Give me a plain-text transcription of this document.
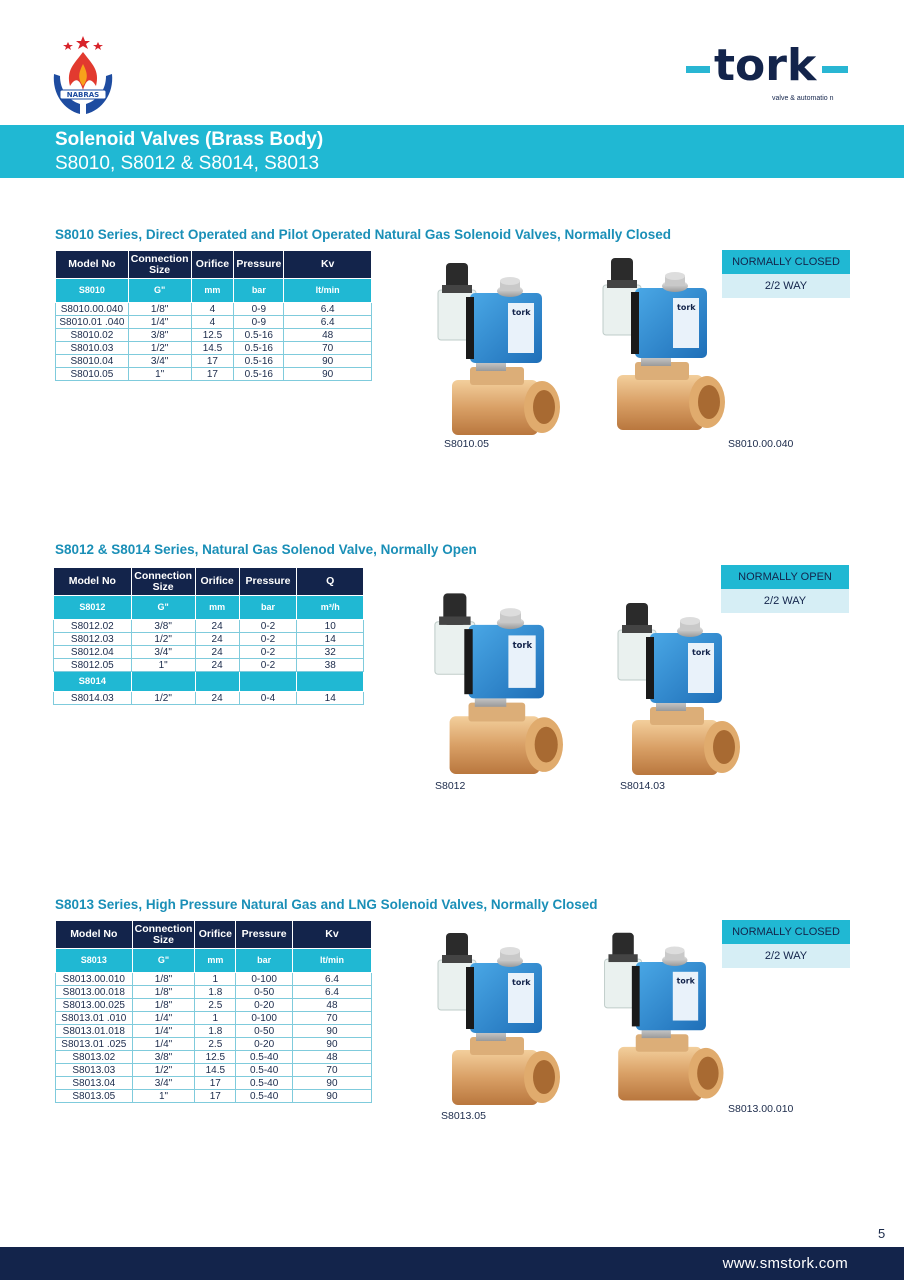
NABRAS
tork
valve & automatio n
Solenoid Valves (Brass Body)
S8010, S8012 & S8014, S8013
S8010 Series, Direct Operated and Pilot Operated Natural Gas Solenoid Valves, Normally Closed
Model No	Connection Size	Orifice	Pressure	Kv
S8010	G"	mm	bar	lt/min
S8010.00.040	1/8"	4	0-9	6.4
S8010.01 .040	1/4"	4	0-9	6.4
S8010.02	3/8"	12.5	0.5-16	48
S8010.03	1/2"	14.5	0.5-16	70
S8010.04	3/4"	17	0.5-16	90
S8010.05	1"	17	0.5-16	90
NORMALLY CLOSED
2/2 WAY
S8010.05	S8010.00.040
S8012 & S8014 Series, Natural Gas Solenod Valve, Normally Open
Model No	Connection Size	Orifice	Pressure	Q
S8012	G"	mm	bar	m³/h
S8012.02	3/8"	24	0-2	10
S8012.03	1/2"	24	0-2	14
S8012.04	3/4"	24	0-2	32
S8012.05	1"	24	0-2	38
S8014				
S8014.03	1/2"	24	0-4	14
NORMALLY OPEN
2/2 WAY
S8012	S8014.03
S8013 Series, High Pressure Natural Gas and LNG Solenoid Valves, Normally Closed
Model No	Connection Size	Orifice	Pressure	Kv
S8013	G"	mm	bar	lt/min
S8013.00.010	1/8"	1	0-100	6.4
S8013.00.018	1/8"	1.8	0-50	6.4
S8013.00.025	1/8"	2.5	0-20	48
S8013.01 .010	1/4"	1	0-100	70
S8013.01.018	1/4"	1.8	0-50	90
S8013.01 .025	1/4"	2.5	0-20	90
S8013.02	3/8"	12.5	0.5-40	48
S8013.03	1/2"	14.5	0.5-40	70
S8013.04	3/4"	17	0.5-40	90
S8013.05	1"	17	0.5-40	90
NORMALLY CLOSED
2/2 WAY
S8013.05
S8013.00.010
5
www.smstork.com
